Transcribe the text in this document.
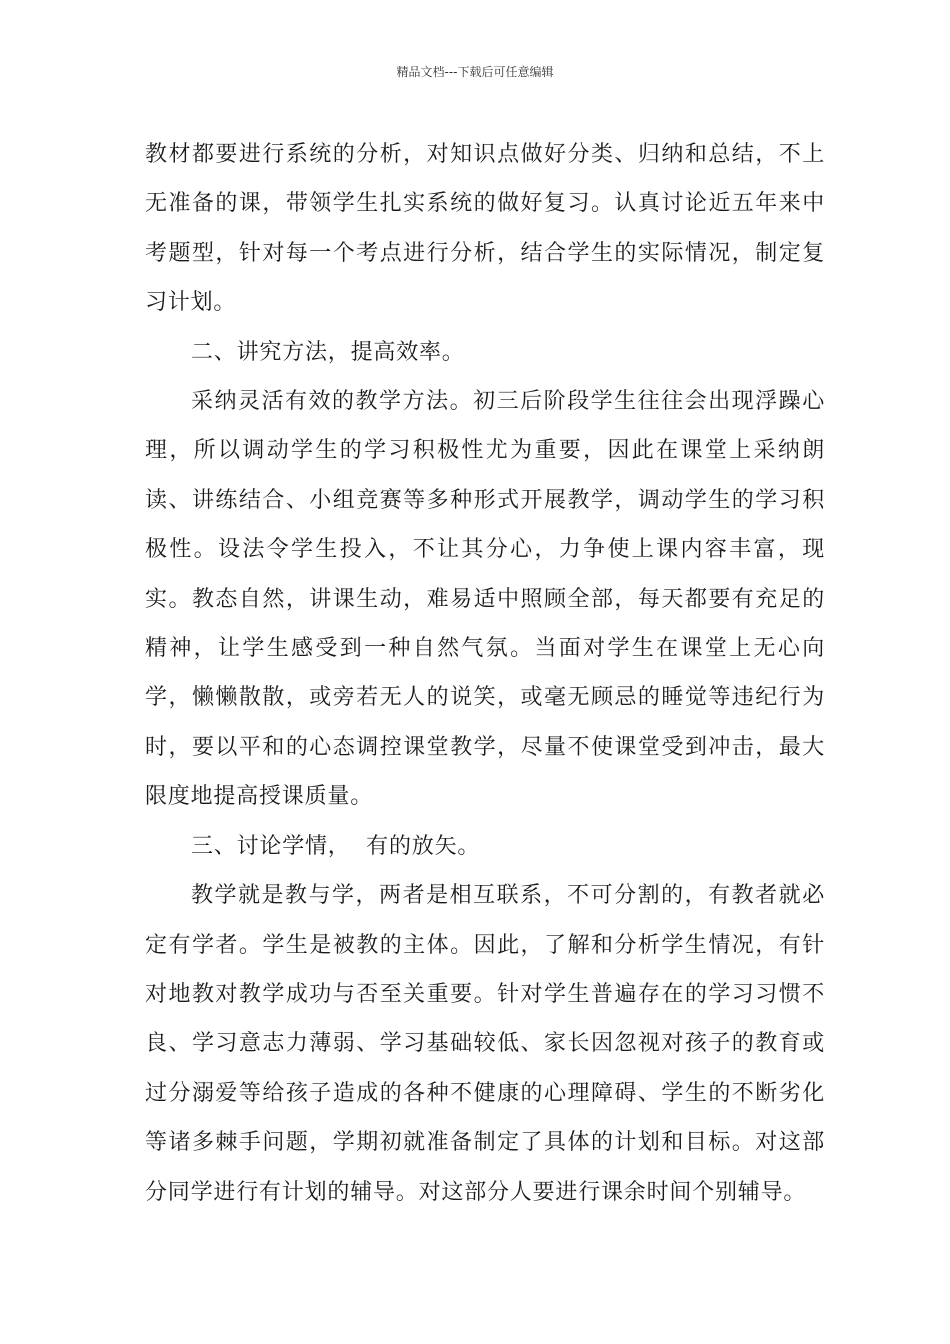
精品文档---下载后可任意编辑

教材都要进行系统的分析，对知识点做好分类、归纳和总结，不上无准备的课，带领学生扎实系统的做好复习。认真讨论近五年来中考题型，针对每一个考点进行分析，结合学生的实际情况，制定复习计划。

二、讲究方法，提高效率。

采纳灵活有效的教学方法。初三后阶段学生往往会出现浮躁心理，所以调动学生的学习积极性尤为重要，因此在课堂上采纳朗读、讲练结合、小组竞赛等多种形式开展教学，调动学生的学习积极性。设法令学生投入，不让其分心，力争使上课内容丰富，现实。教态自然，讲课生动，难易适中照顾全部，每天都要有充足的精神，让学生感受到一种自然气氛。当面对学生在课堂上无心向学，懒懒散散，或旁若无人的说笑，或毫无顾忌的睡觉等违纪行为时，要以平和的心态调控课堂教学，尽量不使课堂受到冲击，最大限度地提高授课质量。

三、讨论学情，  有的放矢。

教学就是教与学，两者是相互联系，不可分割的，有教者就必定有学者。学生是被教的主体。因此，了解和分析学生情况，有针对地教对教学成功与否至关重要。针对学生普遍存在的学习习惯不良、学习意志力薄弱、学习基础较低、家长因忽视对孩子的教育或过分溺爱等给孩子造成的各种不健康的心理障碍、学生的不断劣化等诸多棘手问题，学期初就准备制定了具体的计划和目标。对这部分同学进行有计划的辅导。对这部分人要进行课余时间个别辅导。
